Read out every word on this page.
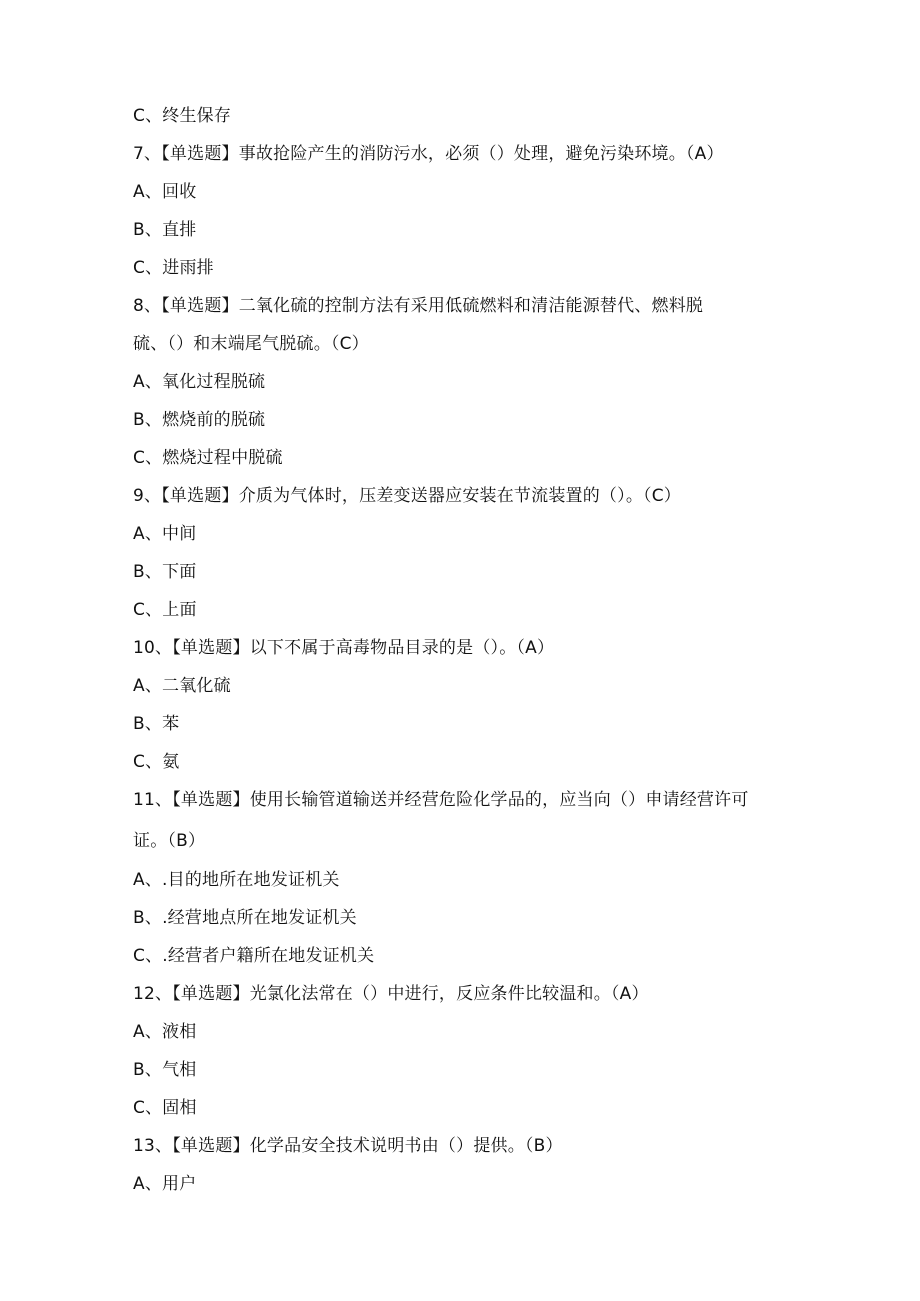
C、终生保存
7、【单选题】事故抢险产生的消防污水，必须（）处理，避免污染环境。（A）
A、回收
B、直排
C、进雨排
8、【单选题】二氧化硫的控制方法有采用低硫燃料和清洁能源替代、燃料脱
硫、（）和末端尾气脱硫。（C）
A、氧化过程脱硫
B、燃烧前的脱硫
C、燃烧过程中脱硫
9、【单选题】介质为气体时，压差变送器应安装在节流装置的（）。（C）
A、中间
B、下面
C、上面
10、【单选题】以下不属于高毒物品目录的是（）。（A）
A、二氧化硫
B、苯
C、氨
11、【单选题】使用长输管道输送并经营危险化学品的，应当向（）申请经营许可
证。（B）
A、.目的地所在地发证机关
B、.经营地点所在地发证机关
C、.经营者户籍所在地发证机关
12、【单选题】光氯化法常在（）中进行，反应条件比较温和。（A）
A、液相
B、气相
C、固相
13、【单选题】化学品安全技术说明书由（）提供。（B）
A、用户
